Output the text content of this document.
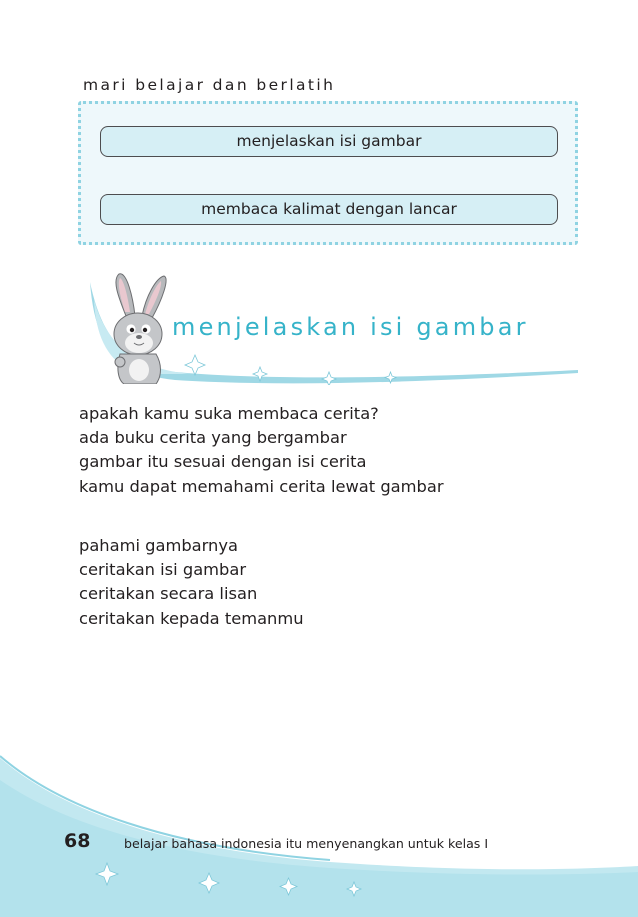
mari belajar dan berlatih
menjelaskan isi gambar
membaca kalimat dengan lancar
menjelaskan isi gambar
apakah kamu suka membaca cerita?
ada buku cerita yang bergambar
gambar itu sesuai dengan isi cerita
kamu dapat memahami cerita lewat gambar
pahami gambarnya
ceritakan isi gambar
ceritakan secara lisan
ceritakan kepada temanmu
68	belajar bahasa indonesia itu menyenangkan untuk kelas I
